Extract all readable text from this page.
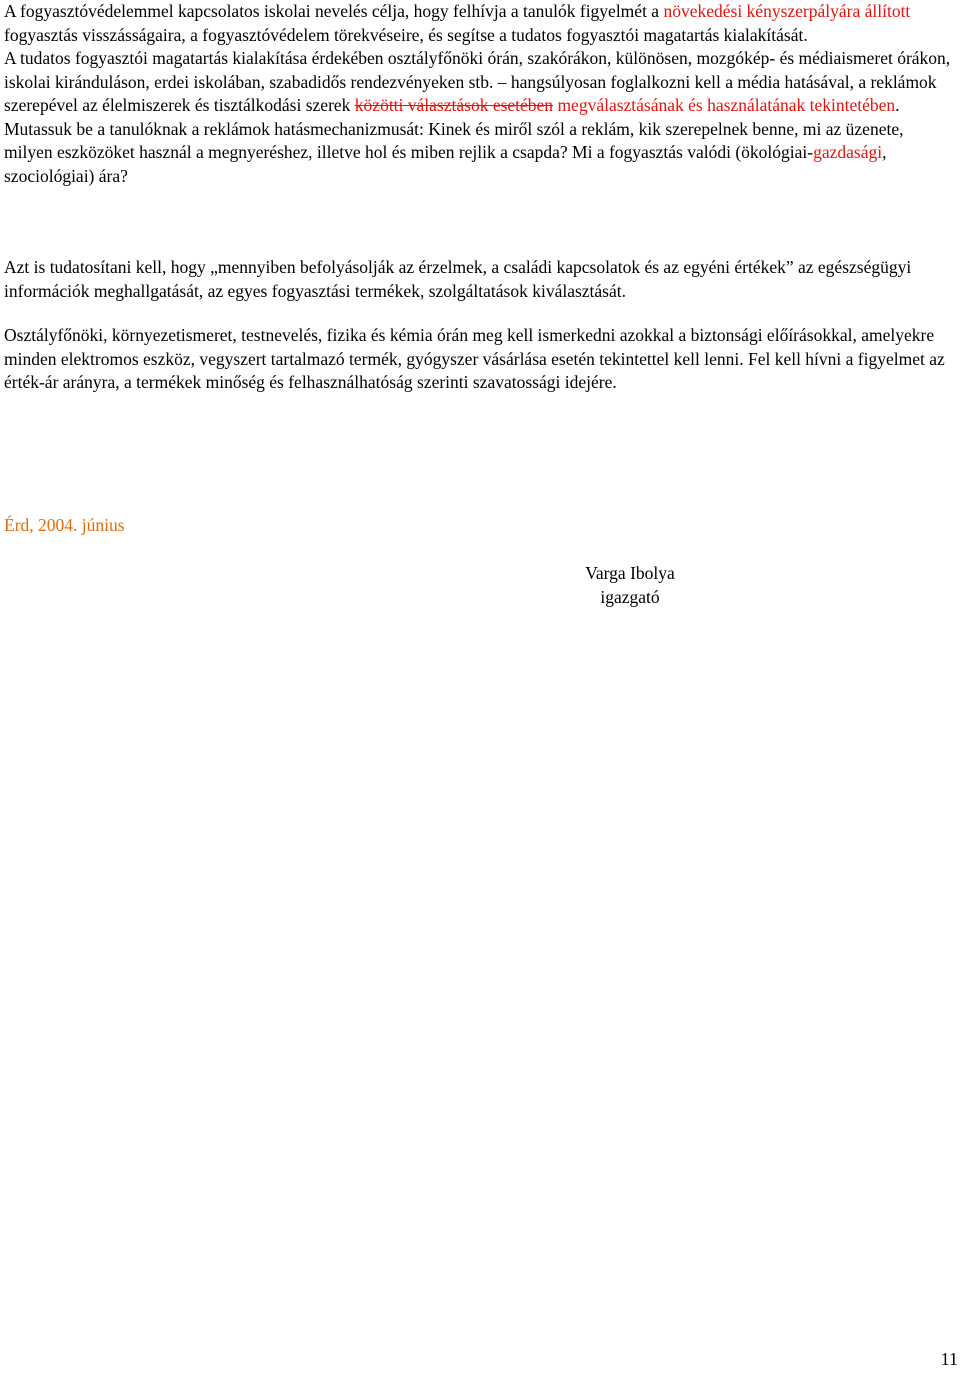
A fogyasztóvédelemmel kapcsolatos iskolai nevelés célja, hogy felhívja a tanulók figyelmét a növekedési kényszerpályára állított fogyasztás visszásságaira, a fogyasztóvédelem törekvéseire, és segítse a tudatos fogyasztói magatartás kialakítását.

A tudatos fogyasztói magatartás kialakítása érdekében osztályfőnöki órán, szakórákon, különösen, mozgókép- és médiaismeret órákon, iskolai kiránduláson, erdei iskolában, szabadidős rendezvényeken stb. – hangsúlyosan foglalkozni kell a média hatásával, a reklámok szerepével az élelmiszerek és tisztálkodási szerek közötti választások esetében megválasztásának és használatának tekintetében.

Mutassuk be a tanulóknak a reklámok hatásmechanizmusát: Kinek és miről szól a reklám, kik szerepelnek benne, mi az üzenete, milyen eszközöket használ a megnyeréshez, illetve hol és miben rejlik a csapda? Mi a fogyasztás valódi (ökológiai-gazdasági, szociológiai) ára?

Azt is tudatosítani kell, hogy „mennyiben befolyásolják az érzelmek, a családi kapcsolatok és az egyéni értékek” az egészségügyi információk meghallgatását, az egyes fogyasztási termékek, szolgáltatások kiválasztását.

Osztályfőnöki, környezetismeret, testnevelés, fizika és kémia órán meg kell ismerkedni azokkal a biztonsági előírásokkal, amelyekre minden elektromos eszköz, vegyszert tartalmazó termék, gyógyszer vásárlása esetén tekintettel kell lenni. Fel kell hívni a figyelmet az érték-ár arányra, a termékek minőség és felhasználhatóság szerinti szavatossági idejére.

Érd, 2004. június

Varga Ibolya
igazgató
11
